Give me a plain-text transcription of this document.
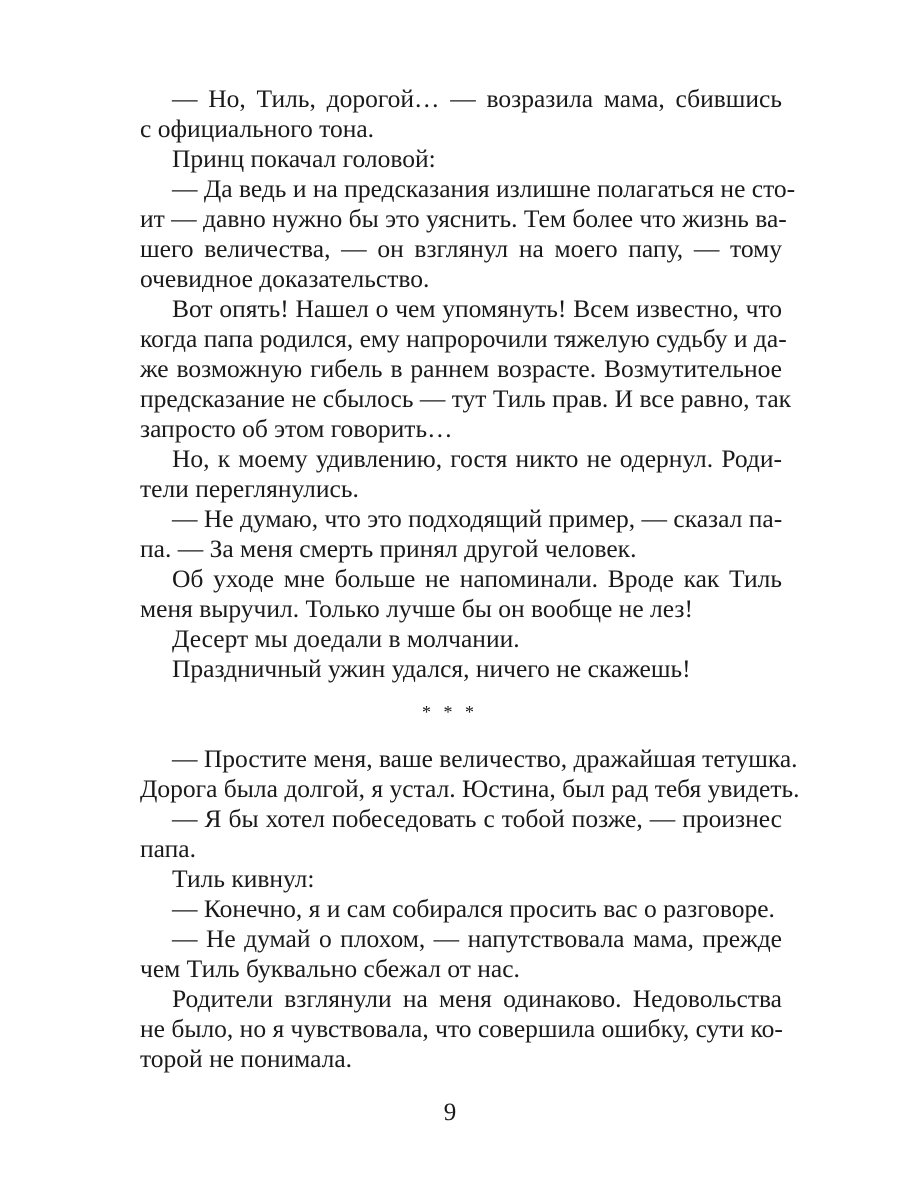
— Но, Тиль, дорогой… — возразила мама, сбившись
с официального тона.
Принц покачал головой:
— Да ведь и на предсказания излишне полагаться не сто-
ит — давно нужно бы это уяснить. Тем более что жизнь ва-
шего величества, — он взглянул на моего папу, — тому
очевидное доказательство.
Вот опять! Нашел о чем упомянуть! Всем известно, что
когда папа родился, ему напророчили тяжелую судьбу и да-
же возможную гибель в раннем возрасте. Возмутительное
предсказание не сбылось — тут Тиль прав. И все равно, так
запросто об этом говорить…
Но, к моему удивлению, гостя никто не одернул. Роди-
тели переглянулись.
— Не думаю, что это подходящий пример, — сказал па-
па. — За меня смерть принял другой человек.
Об уходе мне больше не напоминали. Вроде как Тиль
меня выручил. Только лучше бы он вообще не лез!
Десерт мы доедали в молчании.
Праздничный ужин удался, ничего не скажешь!
* * *
— Простите меня, ваше величество, дражайшая тетушка.
Дорога была долгой, я устал. Юстина, был рад тебя увидеть.
— Я бы хотел побеседовать с тобой позже, — произнес
папа.
Тиль кивнул:
— Конечно, я и сам собирался просить вас о разговоре.
— Не думай о плохом, — напутствовала мама, прежде
чем Тиль буквально сбежал от нас.
Родители взглянули на меня одинаково. Недовольства
не было, но я чувствовала, что совершила ошибку, сути ко-
торой не понимала.
9
